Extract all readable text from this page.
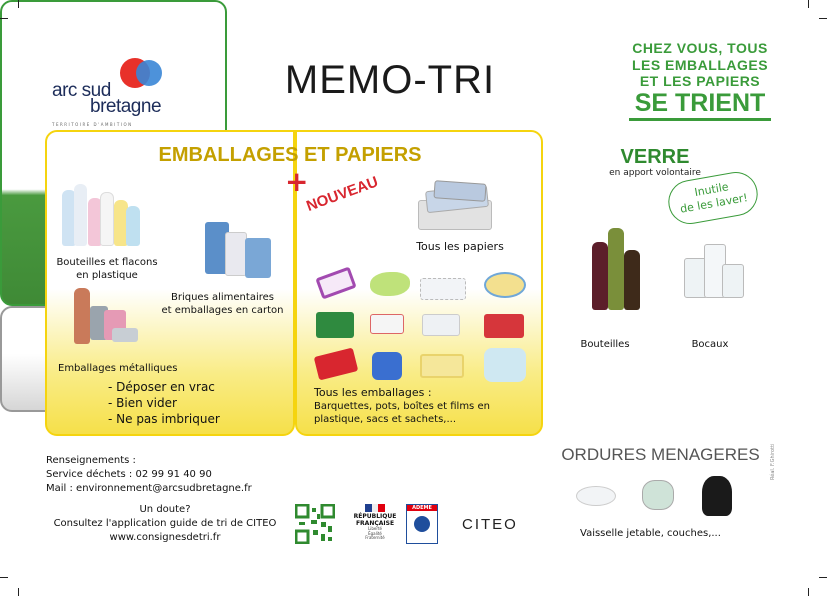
arc sud
bretagne
TERRITOIRE D'AMBITION
MEMO-TRI
CHEZ VOUS, TOUS
LES EMBALLAGES
ET LES PAPIERS
SE TRIENT
EMBALLAGES ET PAPIERS
+
NOUVEAU
Bouteilles et flacons
en plastique
Briques alimentaires
et emballages en carton
Emballages métalliques
- Déposer en vrac
- Bien vider
- Ne pas imbriquer
Tous les papiers
Tous les emballages :
Barquettes, pots, boîtes et films en plastique, sacs et sachets,...
VERRE
en apport volontaire
Inutile
de les laver!
Bouteilles	Bocaux
Ne pas mettre :
- Les bouchons et couvercles
- La vaisselle
- Les ampoules
ORDURES MENAGERES
Vaisselle jetable, couches,...
Réal. F.Ghirotti
Renseignements :
Service déchets : 02 99 91 40 90
Mail : environnement@arcsudbretagne.fr
Un doute?
Consultez l'application guide de tri de CITEO
www.consignesdetri.fr
RÉPUBLIQUE
FRANÇAISE
Liberté
Égalité
Fraternité
ADEME
CITEO
